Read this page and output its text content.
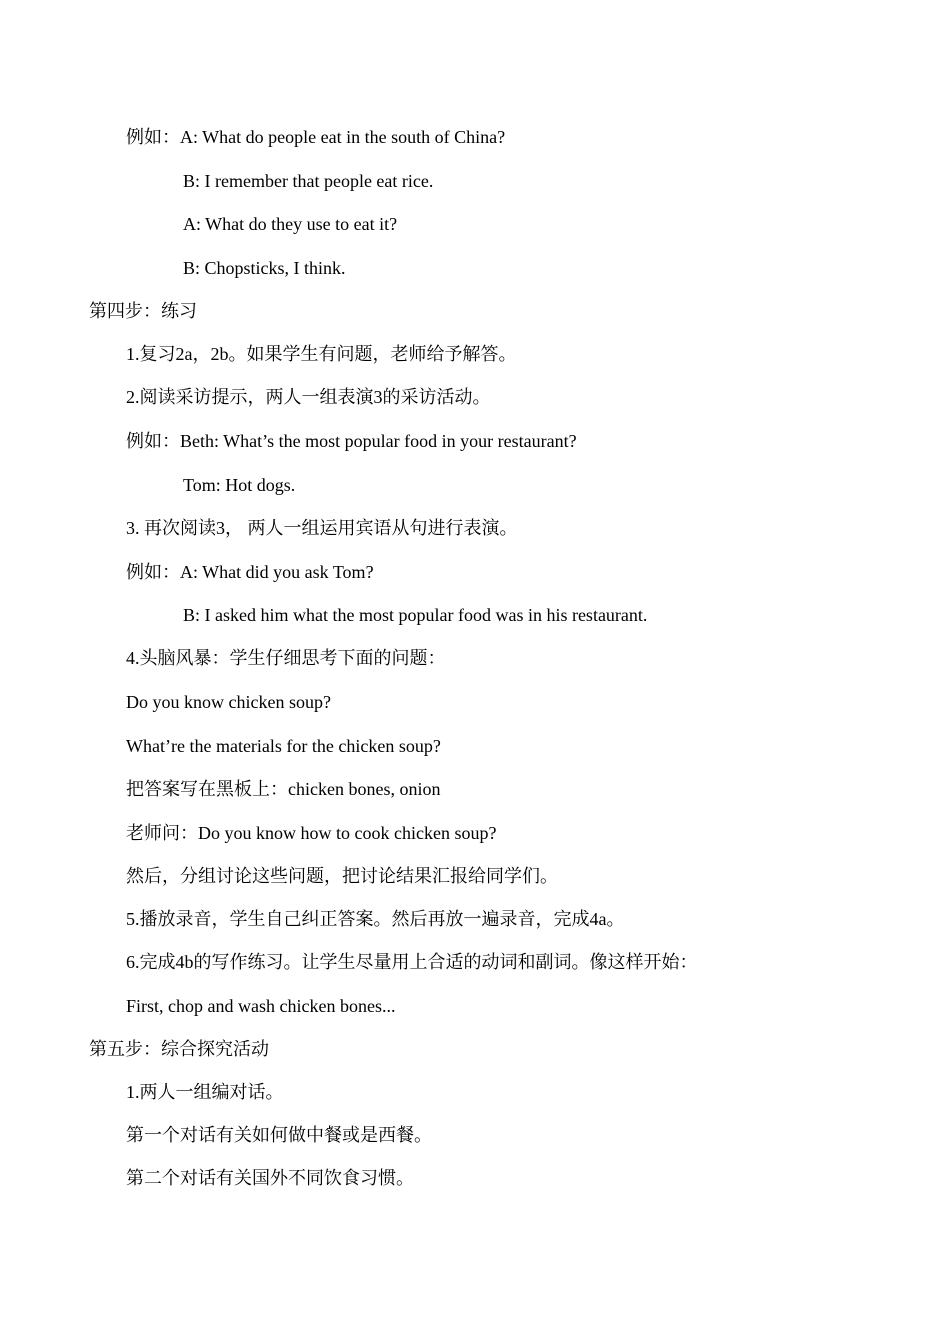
例如：A: What do people eat in the south of China?
B: I remember that people eat rice.
A: What do they use to eat it?
B: Chopsticks, I think.
第四步：练习
1.复习2a，2b。如果学生有问题，老师给予解答。
2.阅读采访提示，两人一组表演3的采访活动。
例如：Beth: What’s the most popular food in your restaurant?
Tom: Hot dogs.
3. 再次阅读3， 两人一组运用宾语从句进行表演。
例如：A: What did you ask Tom?
B: I asked him what the most popular food was in his restaurant.
4.头脑风暴：学生仔细思考下面的问题：
Do you know chicken soup?
What’re the materials for the chicken soup?
把答案写在黑板上：chicken bones, onion
老师问：Do you know how to cook chicken soup?
然后，分组讨论这些问题，把讨论结果汇报给同学们。
5.播放录音，学生自己纠正答案。然后再放一遍录音，完成4a。
6.完成4b的写作练习。让学生尽量用上合适的动词和副词。像这样开始：
First, chop and wash chicken bones...
第五步：综合探究活动
1.两人一组编对话。
第一个对话有关如何做中餐或是西餐。
第二个对话有关国外不同饮食习惯。
